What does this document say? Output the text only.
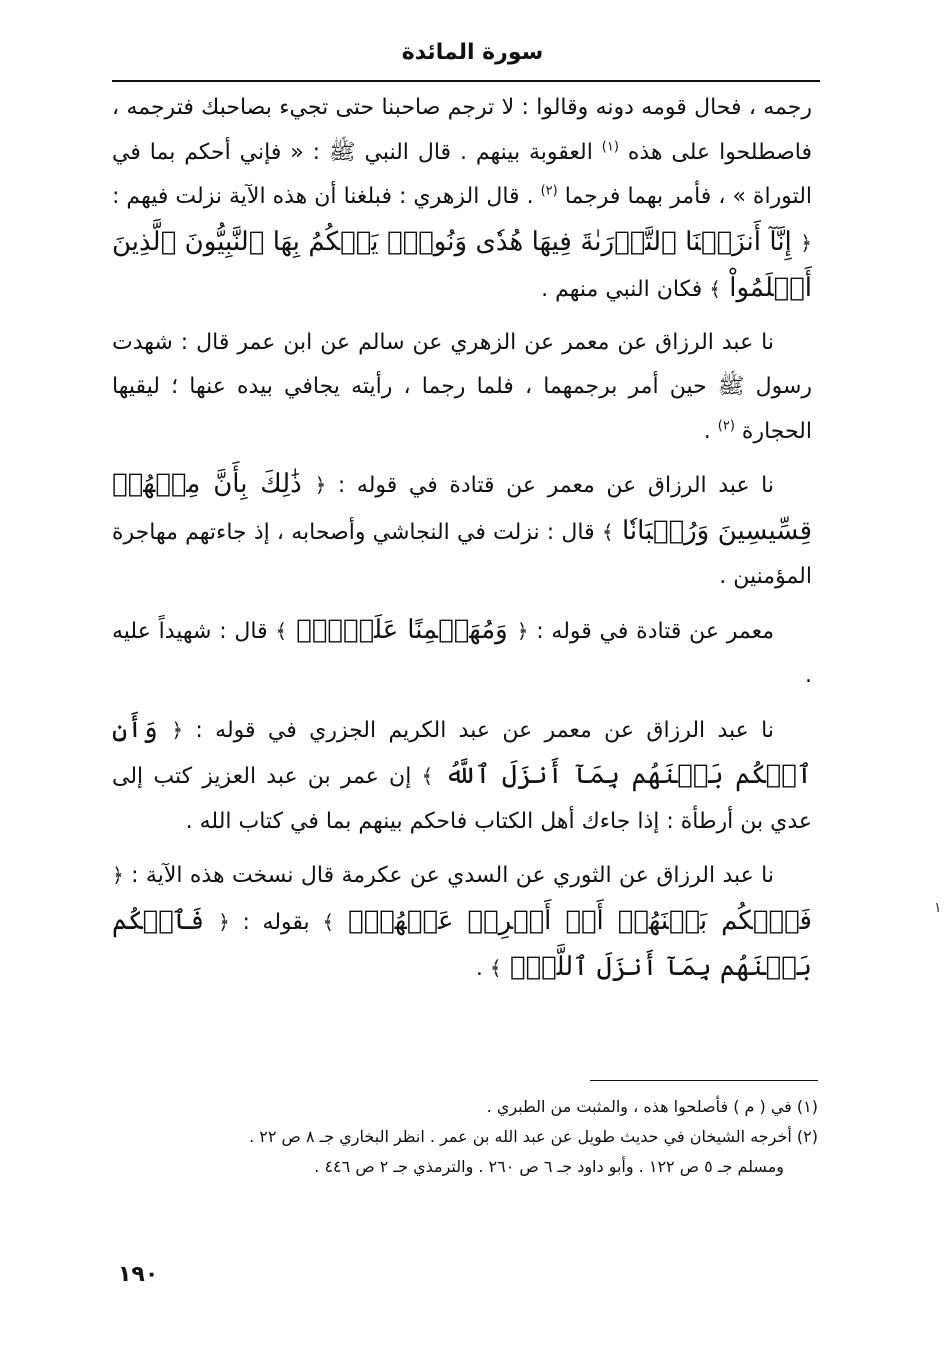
سورة المائدة

رجمه ، فحال قومه دونه وقالوا : لا ترجم صاحبنا حتى تجيء بصاحبك فترجمه ، فاصطلحوا على هذه $^{(١)}$ العقوبة بينهم . قال النبي ﷺ : « فإني أحكم بما في التوراة » ، فأمر بهما فرجما $^{(٢)}$ . قال الزهري : فبلغنا أن هذه الآية نزلت فيهم : ﴿ إِنَّآ أَنزَلۡنَا ٱلتَّوۡرَىٰةَ فِيهَا هُدٗى وَنُورٞۚ يَحۡكُمُ بِهَا ٱلنَّبِيُّونَ ٱلَّذِينَ أَسۡلَمُواْ ﴾ فكان النبي منهم .

نا عبد الرزاق عن معمر عن الزهري عن سالم عن ابن عمر قال : شهدت رسول ﷺ حين أمر برجمهما ، فلما رجما ، رأيته يجافي بيده عنها ؛ ليقيها الحجارة $^{(٢)}$ .

نا عبد الرزاق عن معمر عن قتادة في قوله : ﴿ ذَٰلِكَ بِأَنَّ مِنۡهُمۡ قِسِّيسِينَ وَرُهۡبَانٗا ﴾ قال : نزلت في النجاشي وأصحابه ، إذ جاءتهم مهاجرة المؤمنين .

معمر عن قتادة في قوله : ﴿ وَمُهَيۡمِنًا عَلَيۡهِۖ ﴾ قال : شهيداً عليه .

نا عبد الرزاق عن معمر عن عبد الكريم الجزري في قوله : ﴿ وَأَنِ ٱحۡكُم بَيۡنَهُم بِمَآ أَنزَلَ ٱللَّهُ ﴾ إن عمر بن عبد العزيز كتب إلى عدي بن أرطأة : إذا جاءك أهل الكتاب فاحكم بينهم بما في كتاب الله .

نا عبد الرزاق عن الثوري عن السدي عن عكرمة قال نسخت هذه الآية : ﴿ فَٱحۡكُم بَيۡنَهُمۡ أَوۡ أَعۡرِضۡ عَنۡهُمۡۖ ﴾ بقوله : ﴿ فَٱحۡكُم بَيۡنَهُم بِمَآ أَنزَلَ ٱللَّهُۖ ﴾ .

(١) في ( م ) فأصلحوا هذه ، والمثبت من الطبري .

(٢) أخرجه الشيخان في حديث طويل عن عبد الله بن عمر . انظر البخاري جـ ٨ ص ٢٢ .

ومسلم جـ ٥ ص ١٢٢ . وأبو داود جـ ٦ ص ٢٦٠ . والترمذي جـ ٢ ص ٤٤٦ .

١٩٠
١
